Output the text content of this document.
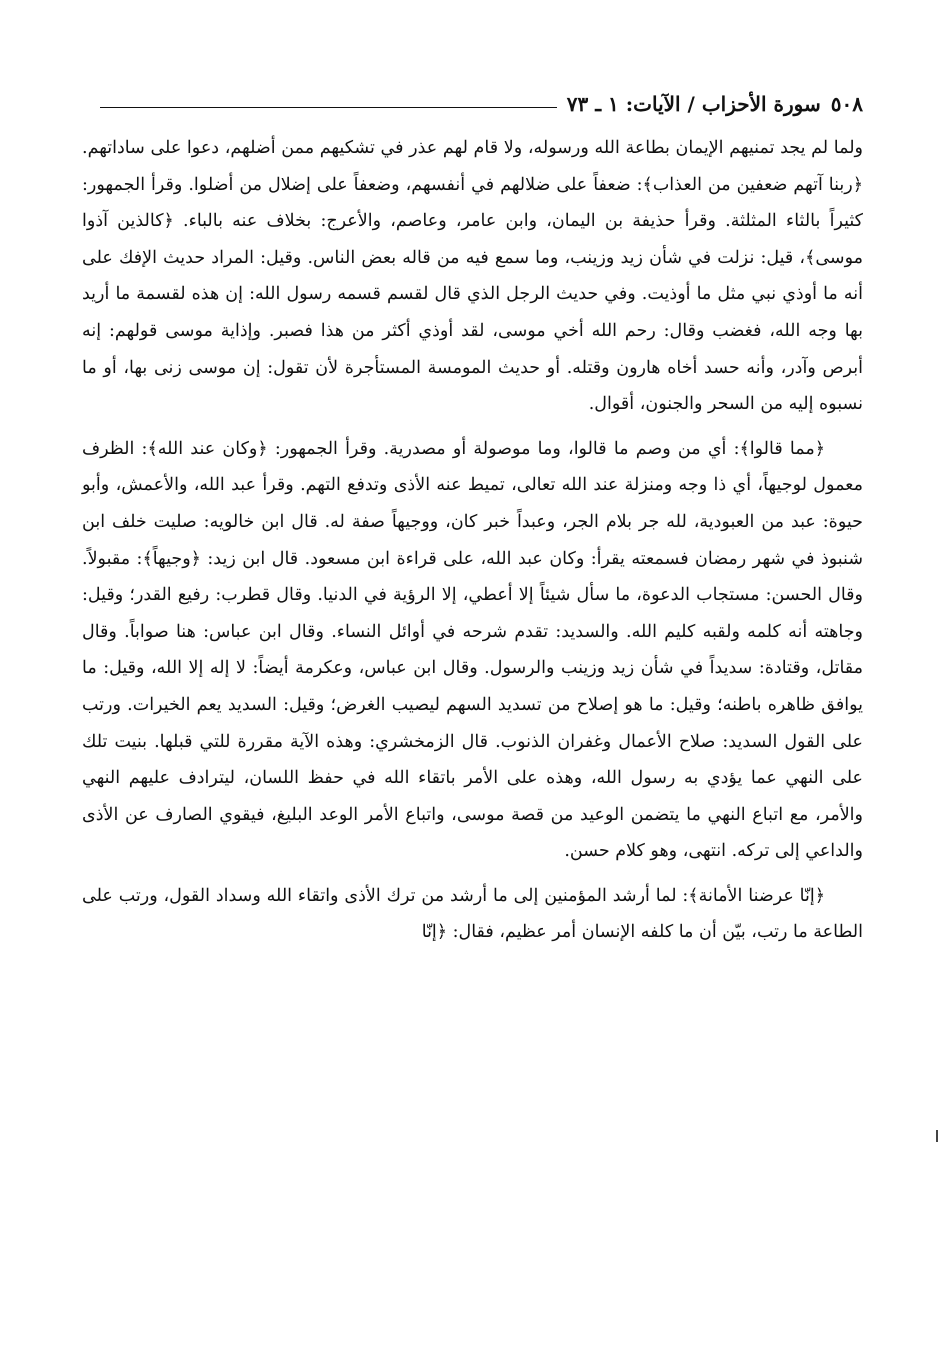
٥٠٨
سورة الأحزاب / الآيات: ١ ـ ٧٣

ولما لم يجد تمنيهم الإيمان بطاعة الله ورسوله، ولا قام لهم عذر في تشكيهم ممن أضلهم، دعوا على ساداتهم. ﴿ربنا آتهم ضعفين من العذاب﴾: ضعفاً على ضلالهم في أنفسهم، وضعفاً على إضلال من أضلوا. وقرأ الجمهور: كثيراً بالثاء المثلثة. وقرأ حذيفة بن اليمان، وابن عامر، وعاصم، والأعرج: بخلاف عنه بالباء. ﴿كالذين آذوا موسى﴾، قيل: نزلت في شأن زيد وزينب، وما سمع فيه من قاله بعض الناس. وقيل: المراد حديث الإفك على أنه ما أوذي نبي مثل ما أوذيت. وفي حديث الرجل الذي قال لقسم قسمه رسول الله: إن هذه لقسمة ما أريد بها وجه الله، فغضب وقال: رحم الله أخي موسى، لقد أوذي أكثر من هذا فصبر. وإذاية موسى قولهم: إنه أبرص وآدر، وأنه حسد أخاه هارون وقتله. أو حديث المومسة المستأجرة لأن تقول: إن موسى زنى بها، أو ما نسبوه إليه من السحر والجنون، أقوال.

﴿مما قالوا﴾: أي من وصم ما قالوا، وما موصولة أو مصدرية. وقرأ الجمهور: ﴿وكان عند الله﴾: الظرف معمول لوجيهاً، أي ذا وجه ومنزلة عند الله تعالى، تميط عنه الأذى وتدفع التهم. وقرأ عبد الله، والأعمش، وأبو حيوة: عبد من العبودية، لله جر بلام الجر، وعبداً خبر كان، ووجيهاً صفة له. قال ابن خالويه: صليت خلف ابن شنبوذ في شهر رمضان فسمعته يقرأ: وكان عبد الله، على قراءة ابن مسعود. قال ابن زيد: ﴿وجيهاً﴾: مقبولاً. وقال الحسن: مستجاب الدعوة، ما سأل شيئاً إلا أعطي، إلا الرؤية في الدنيا. وقال قطرب: رفيع القدر؛ وقيل: وجاهته أنه كلمه ولقبه كليم الله. والسديد: تقدم شرحه في أوائل النساء. وقال ابن عباس: هنا صواباً. وقال مقاتل، وقتادة: سديداً في شأن زيد وزينب والرسول. وقال ابن عباس، وعكرمة أيضاً: لا إله إلا الله، وقيل: ما يوافق ظاهره باطنه؛ وقيل: ما هو إصلاح من تسديد السهم ليصيب الغرض؛ وقيل: السديد يعم الخيرات. ورتب على القول السديد: صلاح الأعمال وغفران الذنوب. قال الزمخشري: وهذه الآية مقررة للتي قبلها. بنيت تلك على النهي عما يؤدي به رسول الله، وهذه على الأمر باتقاء الله في حفظ اللسان، ليترادف عليهم النهي والأمر، مع اتباع النهي ما يتضمن الوعيد من قصة موسى، واتباع الأمر الوعد البليغ، فيقوي الصارف عن الأذى والداعي إلى تركه. انتهى، وهو كلام حسن.

﴿إنّا عرضنا الأمانة﴾: لما أرشد المؤمنين إلى ما أرشد من ترك الأذى واتقاء الله وسداد القول، ورتب على الطاعة ما رتب، بيّن أن ما كلفه الإنسان أمر عظيم، فقال: ﴿إنّا
